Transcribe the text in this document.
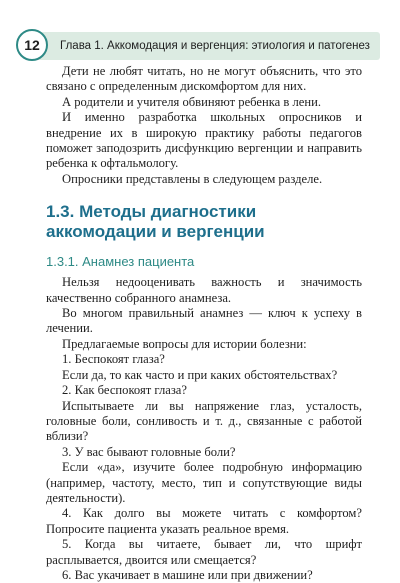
12	Глава 1. Аккомодация и вергенция: этиология и патогенез

Дети не любят читать, но не могут объяснить, что это связано с определенным дискомфортом для них.

А родители и учителя обвиняют ребенка в лени.

И именно разработка школьных опросников и внедрение их в широкую практику работы педагогов поможет заподозрить дисфункцию вергенции и направить ребенка к офтальмологу.

Опросники представлены в следующем разделе.

1.3. Методы диагностики аккомодации и вергенции
1.3.1. Анамнез пациента

Нельзя недооценивать важность и значимость качественно собранного анамнеза.

Во многом правильный анамнез — ключ к успеху в лечении.

Предлагаемые вопросы для истории болезни:

1. Беспокоят глаза?

Если да, то как часто и при каких обстоятельствах?

2. Как беспокоят глаза?

Испытываете ли вы напряжение глаз, усталость, головные боли, сонливость и т. д., связанные с работой вблизи?

3. У вас бывают головные боли?

Если «да», изучите более подробную информацию (например, частоту, место, тип и сопутствующие виды деятельности).

4. Как долго вы можете читать с комфортом? Попросите пациента указать реальное время.

5. Когда вы читаете, бывает ли, что шрифт расплывается, двоится или смещается?

6. Вас укачивает в машине или при движении?
